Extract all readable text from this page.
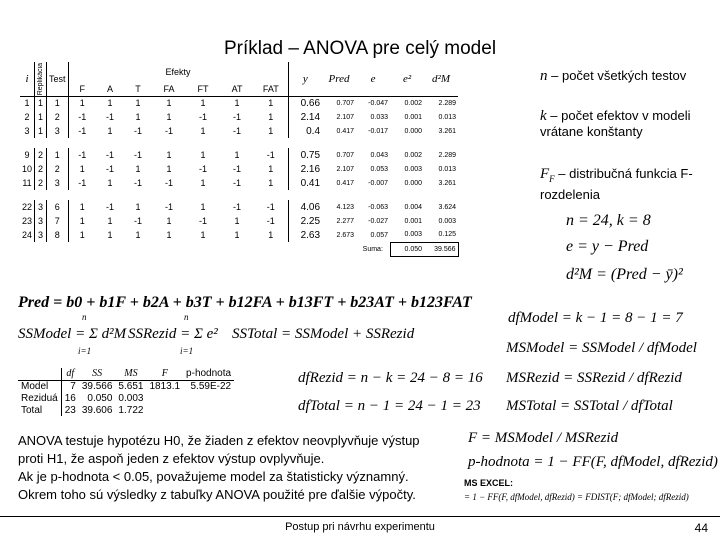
Príklad – ANOVA pre celý model
i	Replikácia	Test	Efekty							y	Pred	e	e²	d²M
			F	A	T	FA	FT	AT	FAT					
1	1	1	1	1	1	1	1	1	1	0.66	0.707	-0.047	0.002	2.289
2	1	2	-1	-1	1	1	-1	-1	1	2.14	2.107	0.033	0.001	0.013
3	1	3	-1	1	-1	-1	1	-1	1	0.4	0.417	-0.017	0.000	3.261

9	2	1	-1	-1	-1	1	1	1	-1	0.75	0.707	0.043	0.002	2.289
10	2	2	1	-1	1	1	-1	-1	1	2.16	2.107	0.053	0.003	0.013
11	2	3	-1	1	-1	-1	1	-1	1	0.41	0.417	-0.007	0.000	3.261

22	3	6	1	-1	1	-1	1	-1	-1	4.06	4.123	-0.063	0.004	3.624
23	3	7	1	1	-1	1	-1	1	-1	2.25	2.277	-0.027	0.001	0.003
24	3	8	1	1	1	1	1	1	1	2.63	2.673	0.057	0.003	0.125
												Suma:	0.050	39.566
n – počet všetkých testov
k – počet efektov v modeli vrátane konštanty
$F_F$ – distribučná funkcia F-rozdelenia
n = 24, k = 8
e = y − Pred
d²M = (Pred − ȳ)²
Pred = b0 + b1F + b2A + b3T + b12FA + b13FT + b23AT + b123FAT
SSModel = Σ d²M SSRezid = Σ e² SSTotal = SSModel + SSRezid
n
i=1
n
i=1
dfModel = k − 1 = 8 − 1 = 7
MSModel = SSModel / dfModel
dfRezid = n − k = 24 − 8 = 16 MSRezid = SSRezid / dfRezid
dfTotal = n − 1 = 24 − 1 = 23 MSTotal = SSTotal / dfTotal
F = MSModel / MSRezid
p-hodnota = 1 − FF(F, dfModel, dfRezid)
MS EXCEL:
= 1 − FF(F, dfModel, dfRezid) = FDIST(F; dfModel; dfRezid)
	df	SS	MS	F	p-hodnota
Model	7	39.566	5.651	1813.1	5.59E-22
Reziduá	16	0.050	0.003		
Total	23	39.606	1.722		
ANOVA testuje hypotézu H0, že žiaden z efektov neovplyvňuje výstup
proti H1, že aspoň jeden z efektov výstup ovplyvňuje.
Ak je p-hodnota < 0.05, považujeme model za štatisticky významný.
Okrem toho sú výsledky z tabuľky ANOVA použité pre ďalšie výpočty.
Postup pri návrhu experimentu	44
